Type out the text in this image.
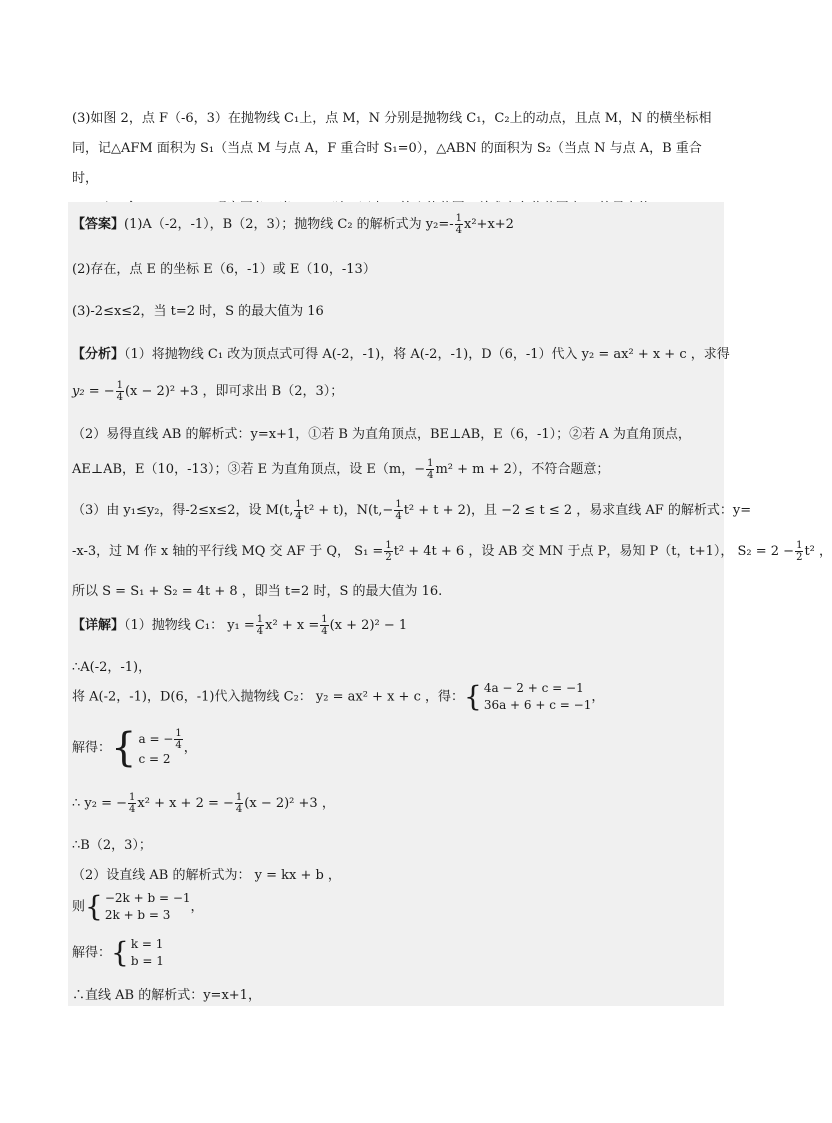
(3)如图 2，点 F（-6，3）在抛物线 C₁上，点 M，N 分别是抛物线 C₁，C₂上的动点，且点 M，N 的横坐标相

同，记△AFM 面积为 S₁（当点 M 与点 A，F 重合时 S₁=0），△ABN 的面积为 S₂（当点 N 与点 A，B 重合时，

【答案】(1)A（-2，-1），B（2，3）；抛物线 C₂ 的解析式为 $y_2=- \frac{1}{4} x^2+x+2$
(2)存在，点 E 的坐标 E（6，-1）或 E（10，-13）
(3)-2≤x≤2，当 t=2 时，S 的最大值为 16
【分析】（1）将抛物线 C₁ 改为顶点式可得 A(-2，-1)，将 A(-2，-1)，D（6，-1）代入 y₂ = ax² + x + c ，求得
y₂ = − $\frac{1}{4} (x - 2)^2 +3$ ，即可求出 B（2，3）；
（2）易得直线 AB 的解析式：y=x+1，①若 B 为直角顶点，BE⊥AB，E（6，-1）；②若 A 为直角顶点，
AE⊥AB，E（10，-13）；③若 E 为直角顶点，设 E（m，− $\frac{1}{4} m^2 + m + 2$），不符合题意；
（3）由 y₁≤y₂，得-2≤x≤2，设 M(t, $\frac{1}{4} t^2 + t$)，$N(t,- \frac{1}{4} t^2 + t + 2)$，且 −2 ≤ t ≤ 2 ，易求直线 AF 的解析式：y=
-x-3，过 M 作 x 轴的平行线 MQ 交 AF 于 Q， $S_1 = \frac{1}{2} t^2 + 4t + 6$ ，设 AB 交 MN 于点 P，易知 P（t，t+1）， $S_2 = 2 - \frac{1}{2} t^2$ ，
所以 S = S₁ + S₂ = 4t + 8 ，即当 t=2 时，S 的最大值为 16.
【详解】（1）抛物线 C₁： $y_1 = \frac{1}{4} x^2 + x = \frac{1}{4} (x + 2)^2 - 1$
∴A(-2，-1)，
将 A(-2，-1)，D(6，-1)代入抛物线 C₂： y₂ = ax² + x + c ，得： { 4a − 2 + c = −1
36a + 6 + c = −1
，
解得： { a = − $\frac{1}{4}$
c = 2
，
∴ y₂ = − $\frac{1}{4} x^2 + x + 2$ = − $\frac{1}{4} (x - 2)^2 +3$ ，
∴B（2，3）；
（2）设直线 AB 的解析式为： y = kx + b ，
则 { −2k + b = −1
2k + b = 3
，
解得： { k = 1
b = 1
∴直线 AB 的解析式：y=x+1，
